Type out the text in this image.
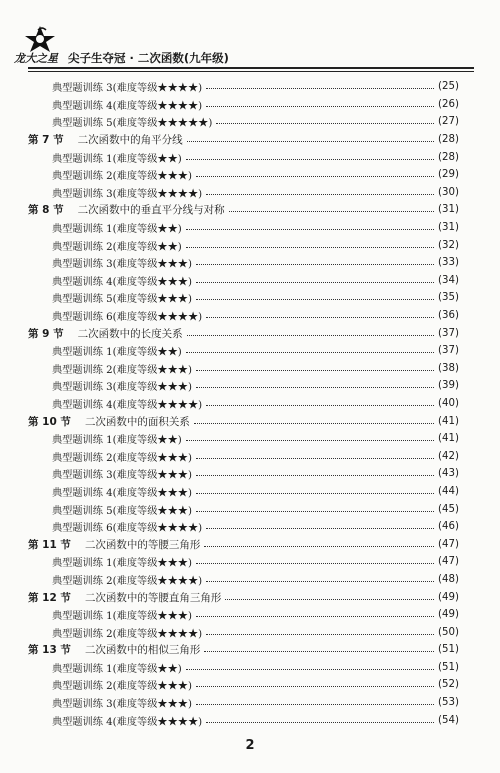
龙大之星 尖子生夺冠 · 二次函数(九年级)
典型题训练 3(难度等级★★★★)	(25)
典型题训练 4(难度等级★★★★)	(26)
典型题训练 5(难度等级★★★★★)	(27)
第 7 节 二次函数中的角平分线	(28)
典型题训练 1(难度等级★★)	(28)
典型题训练 2(难度等级★★★)	(29)
典型题训练 3(难度等级★★★★)	(30)
第 8 节 二次函数中的垂直平分线与对称	(31)
典型题训练 1(难度等级★★)	(31)
典型题训练 2(难度等级★★)	(32)
典型题训练 3(难度等级★★★)	(33)
典型题训练 4(难度等级★★★)	(34)
典型题训练 5(难度等级★★★)	(35)
典型题训练 6(难度等级★★★★)	(36)
第 9 节 二次函数中的长度关系	(37)
典型题训练 1(难度等级★★)	(37)
典型题训练 2(难度等级★★★)	(38)
典型题训练 3(难度等级★★★)	(39)
典型题训练 4(难度等级★★★★)	(40)
第 10 节 二次函数中的面积关系	(41)
典型题训练 1(难度等级★★)	(41)
典型题训练 2(难度等级★★★)	(42)
典型题训练 3(难度等级★★★)	(43)
典型题训练 4(难度等级★★★)	(44)
典型题训练 5(难度等级★★★)	(45)
典型题训练 6(难度等级★★★★)	(46)
第 11 节 二次函数中的等腰三角形	(47)
典型题训练 1(难度等级★★★)	(47)
典型题训练 2(难度等级★★★★)	(48)
第 12 节 二次函数中的等腰直角三角形	(49)
典型题训练 1(难度等级★★★)	(49)
典型题训练 2(难度等级★★★★)	(50)
第 13 节 二次函数中的相似三角形	(51)
典型题训练 1(难度等级★★)	(51)
典型题训练 2(难度等级★★★)	(52)
典型题训练 3(难度等级★★★)	(53)
典型题训练 4(难度等级★★★★)	(54)
2
